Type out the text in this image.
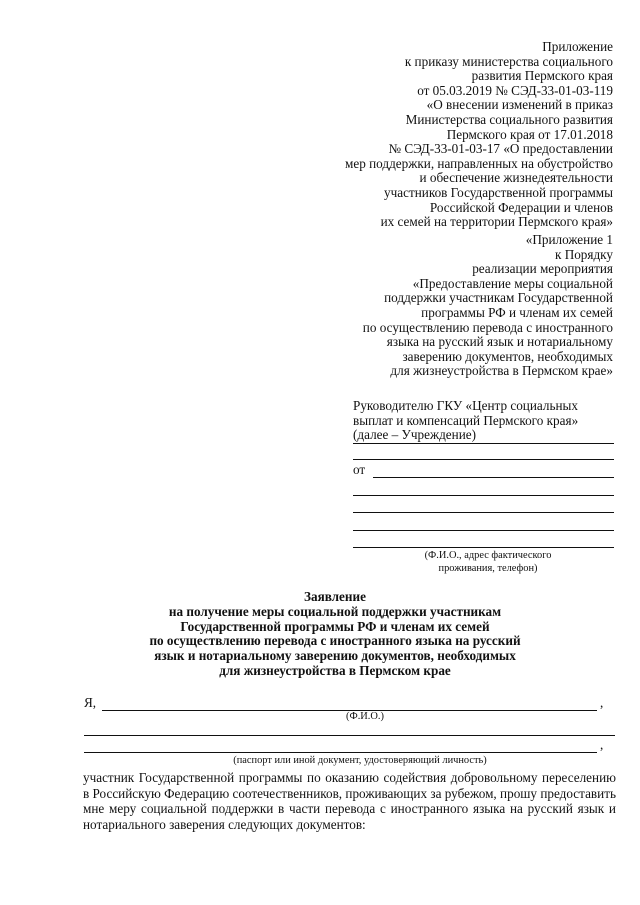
Приложение
к приказу министерства социального
развития Пермского края
от 05.03.2019 № СЭД-33-01-03-119
«О внесении изменений в приказ
Министерства социального развития
Пермского края от 17.01.2018
№ СЭД-33-01-03-17 «О предоставлении
мер поддержки, направленных на обустройство
и обеспечение жизнедеятельности
участников Государственной программы
Российской Федерации и членов
их семей на территории Пермского края»
«Приложение 1
к Порядку
реализации мероприятия
«Предоставление меры социальной
поддержки участникам Государственной
программы РФ и членам их семей
по осуществлению перевода с иностранного
языка на русский язык и нотариальному
заверению документов, необходимых
для жизнеустройства в Пермском крае»
Руководителю ГКУ «Центр социальных
выплат и компенсаций Пермского края»
(далее – Учреждение)
от
(Ф.И.О., адрес фактического
проживания, телефон)
Заявление
на получение меры социальной поддержки участникам
Государственной программы РФ и членам их семей
по осуществлению перевода с иностранного языка на русский
язык и нотариальному заверению документов, необходимых
для жизнеустройства в Пермском крае
Я,	,
(Ф.И.О.)
,
(паспорт или иной документ, удостоверяющий личность)
участник Государственной программы по оказанию содействия добровольному переселению в Российскую Федерацию соотечественников, проживающих за рубежом, прошу предоставить мне меру социальной поддержки в части перевода с иностранного языка на русский язык и нотариального заверения следующих документов:
